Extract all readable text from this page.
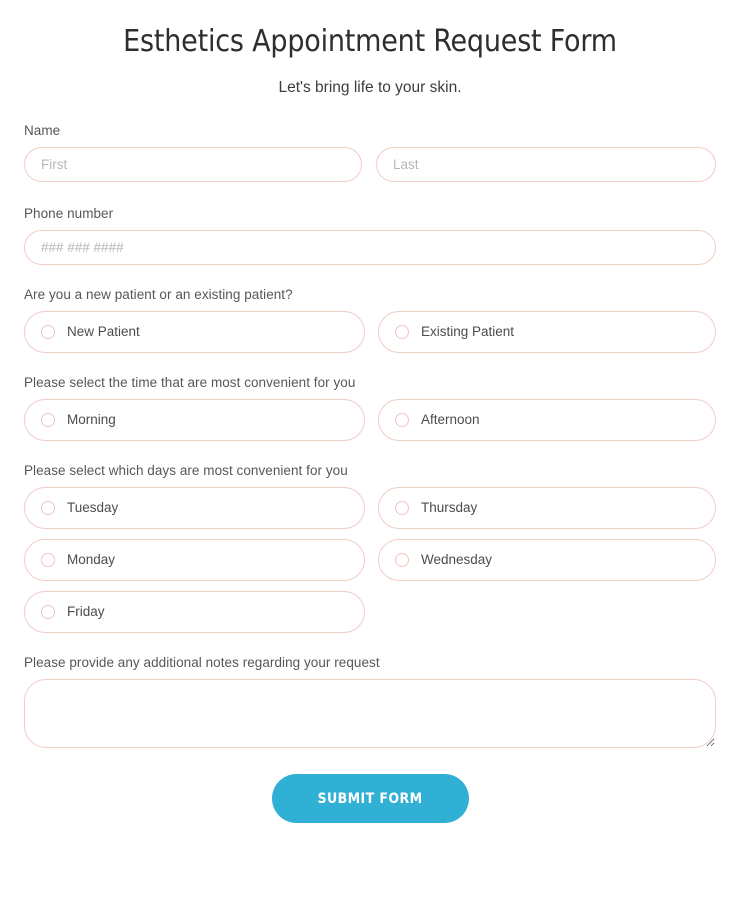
Esthetics Appointment Request Form

Let's bring life to your skin.

Name
First
Last
Phone number
### ### ####
Are you a new patient or an existing patient?
New Patient	Existing Patient
Please select the time that are most convenient for you
Morning	Afternoon
Please select which days are most convenient for you
Tuesday	Thursday
Monday	Wednesday
Friday
Please provide any additional notes regarding your request
SUBMIT FORM
